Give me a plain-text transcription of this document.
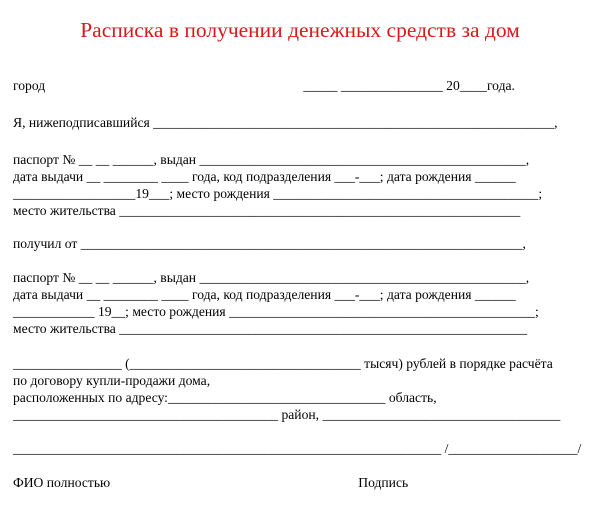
Расписка в получении денежных средств за дом
город                                                                            _____ _______________ 20____года.
Я, нижеподписавшийся ___________________________________________________________,
паспорт № __ __ ______, выдан ________________________________________________,
дата выдачи __ ________ ____ года, код подразделения ___-___; дата рождения ______
__________________19___; место рождения _______________________________________;
место жительства ___________________________________________________________
получил от _________________________________________________________________,
паспорт № __ __ ______, выдан ________________________________________________,
дата выдачи __ ________ ____ года, код подразделения ___-___; дата рождения ______
____________ 19__; место рождения _____________________________________________;
место жительства ____________________________________________________________
________________ (__________________________________ тысяч) рублей в порядке расчёта
по договору купли-продажи дома,
расположенных по адресу:________________________________ область,
_______________________________________ район, ___________________________________
_______________________________________________________________ /___________________/
ФИО полностью                                                                         Подпись
